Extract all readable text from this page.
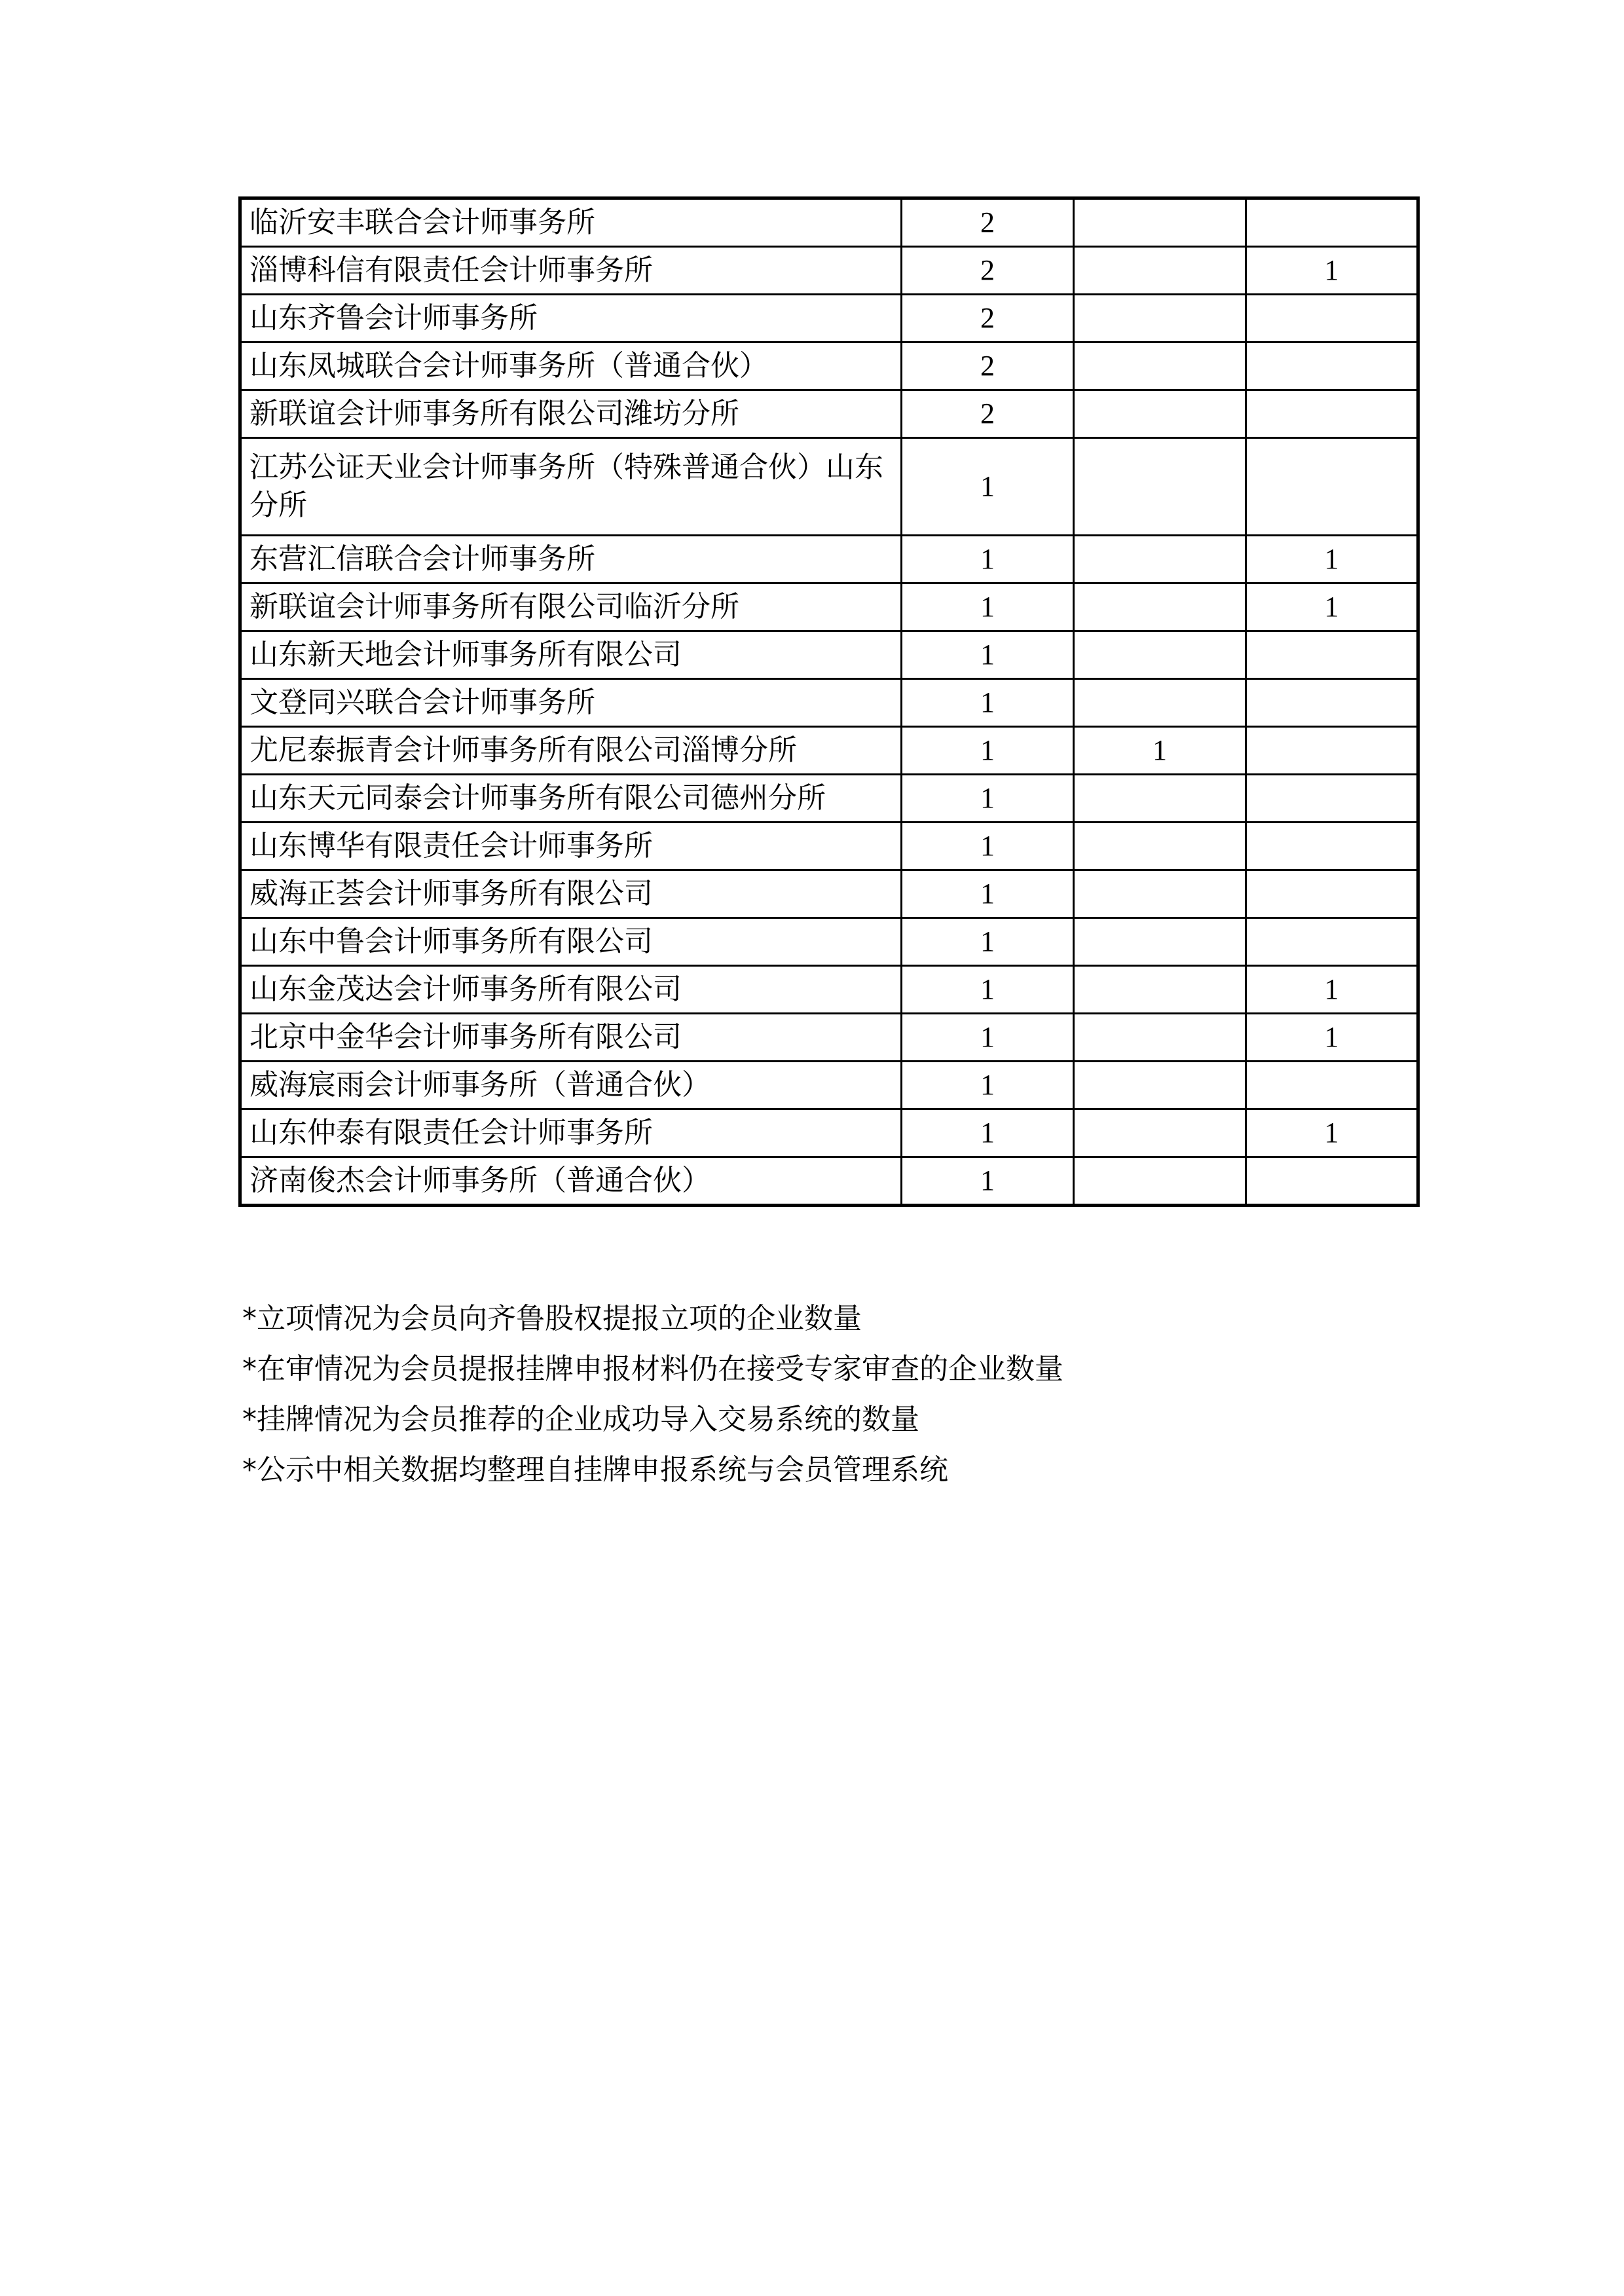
临沂安丰联合会计师事务所	2		
淄博科信有限责任会计师事务所	2		1
山东齐鲁会计师事务所	2		
山东凤城联合会计师事务所（普通合伙）	2		
新联谊会计师事务所有限公司潍坊分所	2		
江苏公证天业会计师事务所（特殊普通合伙）山东分所	1		
东营汇信联合会计师事务所	1		1
新联谊会计师事务所有限公司临沂分所	1		1
山东新天地会计师事务所有限公司	1		
文登同兴联合会计师事务所	1		
尤尼泰振青会计师事务所有限公司淄博分所	1	1	
山东天元同泰会计师事务所有限公司德州分所	1		
山东博华有限责任会计师事务所	1		
威海正荟会计师事务所有限公司	1		
山东中鲁会计师事务所有限公司	1		
山东金茂达会计师事务所有限公司	1		1
北京中金华会计师事务所有限公司	1		1
威海宸雨会计师事务所（普通合伙）	1		
山东仲泰有限责任会计师事务所	1		1
济南俊杰会计师事务所（普通合伙）	1		
*立项情况为会员向齐鲁股权提报立项的企业数量
*在审情况为会员提报挂牌申报材料仍在接受专家审查的企业数量
*挂牌情况为会员推荐的企业成功导入交易系统的数量
*公示中相关数据均整理自挂牌申报系统与会员管理系统
